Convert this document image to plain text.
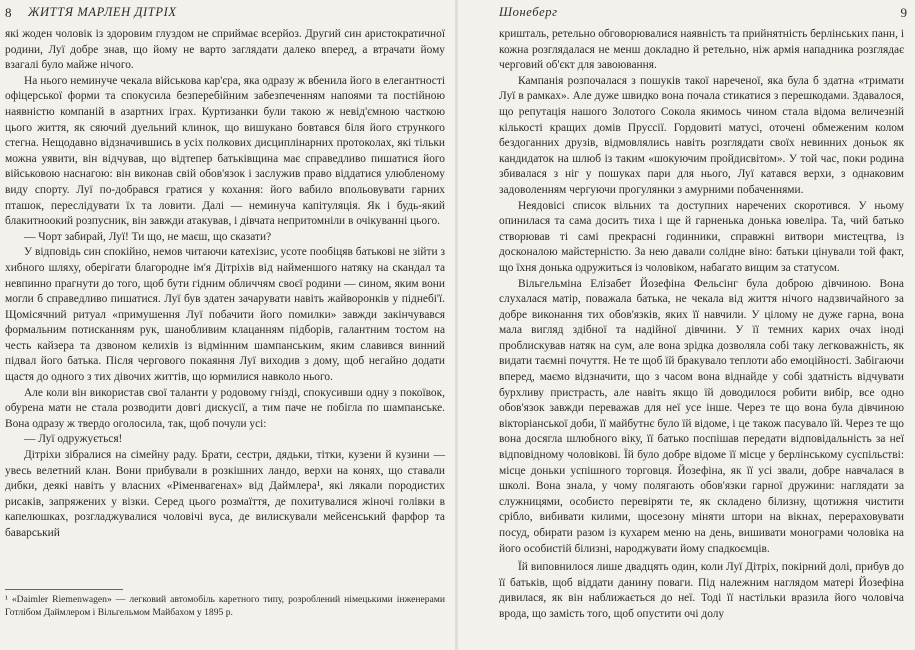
8 ЖИТТЯ МАРЛЕН ДІТРІХ

які жоден чоловік із здоровим глуздом не сприймає всерйоз. Другий син аристократичної родини, Луї добре знав, що йому не варто заглядати далеко вперед, а втрачати йому взагалі було майже нічого.

На нього неминуче чекала військова кар'єра, яка одразу ж вбенила його в елегантності офіцерської форми та спокусила безперебійним забезпеченням напоями та постійною наявністю компаній в азартних іграх. Куртизанки були такою ж невід'ємною часткою цього життя, як сяючий дуельний клинок, що вишукано бовтався біля його стрункого стегна. Нещодавно відзначившись в усіх полкових дисциплінарних протоколах, які тільки можна уявити, він відчував, що відтепер батьківщина має справедливо пишатися його військовою наснагою: він виконав свій обов'язок і заслужив право віддатися улюбленому виду спорту. Луї по-добрався гратися у кохання: його вабило впольовувати гарних пташок, переслідувати їх та ловити. Далі — неминуча капітуляція. Як і будь-який блакитноокий розпусник, він завжди атакував, і дівчата непритомніли в очікуванні цього.

— Чорт забирай, Луї! Ти що, не маєш, що сказати?

У відповідь син спокійно, немов читаючи катехізис, усоте пообіцяв батькові не зійти з хибного шляху, оберігати благородне ім'я Дітріхів від найменшого натяку на скандал та невпинно прагнути до того, щоб бути гідним обличчям своєї родини — сином, яким вони могли б справедливо пишатися. Луї був здатен зачарувати навіть жайворонків у піднебі'ї. Щомісячний ритуал «примушення Луї побачити його помилки» завжди закінчувався формальним потисканням рук, шанобливим клацанням підборів, галантним тостом на честь кайзера та дзвоном келихів із відмінним шампанським, яким славився винний підвал його батька. Після чергового покаяння Луї виходив з дому, щоб негайно додати щастя до одного з тих дівочих життів, що юрмилися навколо нього.

Але коли він використав свої таланти у родовому гнізді, спокусивши одну з покоївок, обурена мати не стала розводити довгі дискусії, а тим паче не побігла по шампанське. Вона одразу ж твердо оголосила, так, щоб почули усі:

— Луї одружується!

Дітріхи зібралися на сімейну раду. Брати, сестри, дядьки, тітки, кузени й кузини — увесь велетний клан. Вони прибували в розкішних ландо, верхи на конях, що ставали дибки, деякі навіть у власних «Ріменвагенах» від Даймлера¹, які лякали породистих рисаків, запряжених у візки. Серед цього розмаїття, де похитувалися жіночі голівки в капелюшках, розгладжувалися чоловічі вуса, де вилискували мейсенський фарфор та баварський

¹ «Daimler Riemenwagen» — легковий автомобіль каретного типу, розроблений німецькими інженерами Готлібом Даймлером і Вільгельмом Майбахом у 1895 р.
Шонеберг	9

кришталь, ретельно обговорювалися наявність та прийнятність берлінських панн, і кожна розглядалася не менш докладно й ретельно, ніж армія нападника розглядає черговий об'єкт для завоювання.

Кампанія розпочалася з пошуків такої нареченої, яка була б здатна «тримати Луї в рамках». Але дуже швидко вона почала стикатися з перешкодами. Здавалося, що репутація нашого Золотого Сокола якимось чином стала відома величезній кількості кращих домів Пруссії. Гордовиті матусі, оточені обмеженим колом бездоганних друзів, відмовлялись навіть розглядати своїх невинних доньок як кандидаток на шлюб із таким «шокуючим пройдисвітом». У той час, поки родина збивалася з ніг у пошуках пари для нього, Луї катався верхи, з однаковим задоволенням чергуючи прогулянки з амурними побаченнями.

Неядовісі список вільних та доступних наречених скоротився. У ньому опинилася та сама досить тиха і ще й гарненька донька ювеліра. Та, чий батько створював ті самі прекрасні годинники, справжні витвори мистецтва, із досконалою майстерністю. За нею давали солідне віно: батьки цінували той факт, що їхня донька одружиться із чоловіком, набагато вищим за статусом.

Вільгельміна Елізабет Йозефіна Фельсінг була доброю дівчиною. Вона слухалася матір, поважала батька, не чекала від життя нічого надзвичайного за добре виконання тих обов'язків, яких її навчили. У цілому не дуже гарна, вона мала вигляд здібної та надійної дівчини. У її темних карих очах іноді проблискував натяк на сум, але вона зрідка дозволяла собі таку легковажність, як видати таємні почуття. Не те щоб їй бракувало теплоти або емоційності. Забігаючи вперед, маємо відзначити, що з часом вона віднайде у собі здатність відчувати бурхливу пристрасть, але навіть якщо їй доводилося робити вибір, все одно обов'язок завжди переважав для неї усе інше. Через те що вона була дівчиною вікторіанської доби, її майбутнє було їй відоме, і це також пасувало їй. Через те що вона досягла шлюбного віку, її батько поспішав передати відповідальність за неї відповідному чоловікові. Їй було добре відоме її місце у берлінському суспільстві: місце доньки успішного торговця. Йозефіна, як її усі звали, добре навчалася в школі. Вона знала, у чому полягають обов'язки гарної дружини: наглядати за служницями, особисто перевіряти те, як складено білизну, щотижня чистити срібло, вибивати килими, щосезону міняти штори на вікнах, перераховувати посуд, обирати разом із кухарем меню на день, вишивати монограми чоловіка на його особистій білизні, народжувати йому спадкоємців.

Їй виповнилося лише двадцять один, коли Луї Дітріх, покірний долі, прибув до її батьків, щоб віддати данину поваги. Під належним наглядом матері Йозефіна дивилася, як він наближається до неї. Тоді її настільки вразила його чоловіча врода, що замість того, щоб опустити очі долу
